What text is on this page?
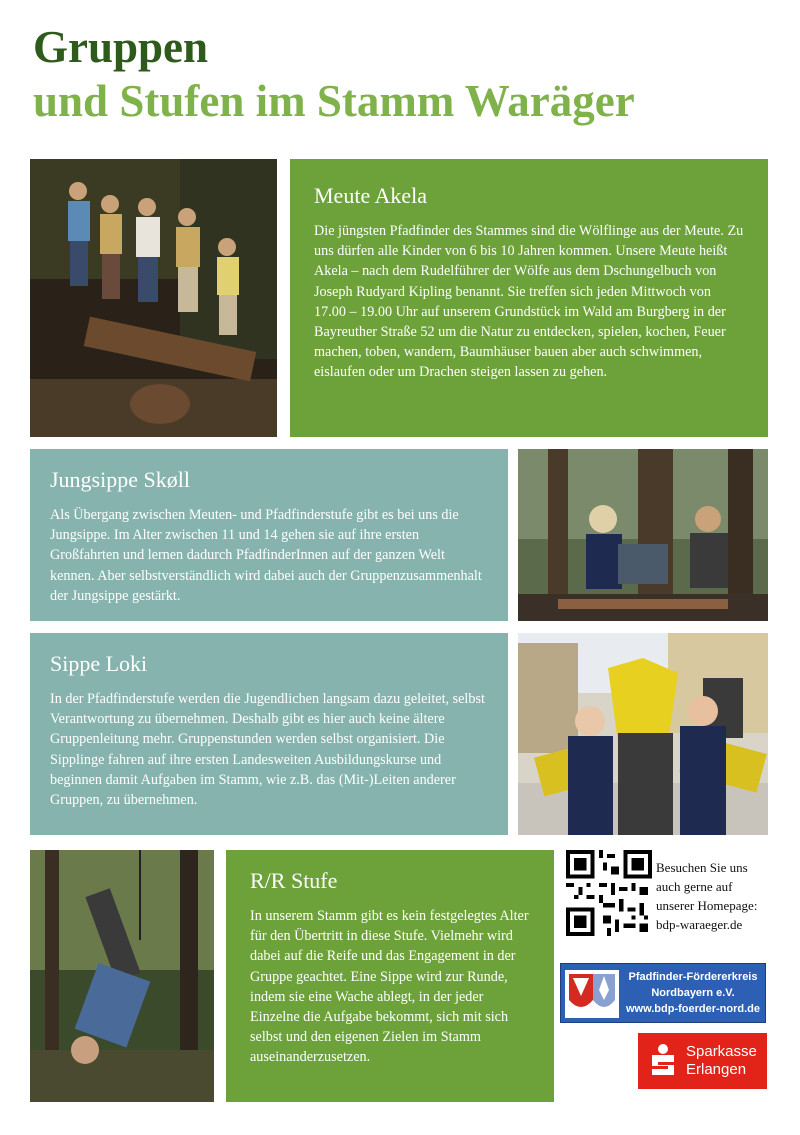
Gruppen
und Stufen im Stamm Waräger
Meute Akela

Die jüngsten Pfadfinder des Stammes sind die Wölflinge aus der Meute. Zu uns dürfen alle Kinder von 6 bis 10 Jahren kommen. Unsere Meute heißt Akela – nach dem Rudelführer der Wölfe aus dem Dschungelbuch von Joseph Rudyard Kipling benannt. Sie treffen sich jeden Mittwoch von 17.00 – 19.00 Uhr auf unserem Grundstück im Wald am Burgberg in der Bayreuther Straße 52 um die Natur zu entdecken, spielen, kochen, Feuer machen, toben, wandern, Baumhäuser bauen aber auch schwimmen, eislaufen oder um Drachen steigen lassen zu gehen.

Jungsippe Skøll

Als Übergang zwischen Meuten- und Pfadfinderstufe gibt es bei uns die Jungsippe. Im Alter zwischen 11 und 14 gehen sie auf ihre ersten Großfahrten und lernen dadurch PfadfinderInnen auf der ganzen Welt kennen. Aber selbstverständlich wird dabei auch der Gruppenzusammenhalt der Jungsippe gestärkt.

Sippe Loki

In der Pfadfinderstufe werden die Jugendlichen langsam dazu geleitet, selbst Verantwortung zu übernehmen. Deshalb gibt es hier auch keine ältere Gruppenleitung mehr. Gruppenstunden werden selbst organisiert. Die Sipplinge fahren auf ihre ersten Landesweiten Ausbildungskurse und beginnen damit Aufgaben im Stamm, wie z.B. das (Mit-)Leiten anderer Gruppen, zu übernehmen.

R/R Stufe

In unserem Stamm gibt es kein festgelegtes Alter für den Übertritt in diese Stufe. Vielmehr wird dabei auf die Reife und das Engagement in der Gruppe geachtet. Eine Sippe wird zur Runde, indem sie eine Wache ablegt, in der jeder Einzelne die Aufgabe bekommt, sich mit sich selbst und den eigenen Zielen im Stamm auseinanderzusetzen.

Besuchen Sie uns
auch gerne auf
unserer Homepage:
bdp-waraeger.de
Pfadfinder-Fördererkreis
Nordbayern e.V.
www.bdp-foerder-nord.de
Sparkasse
Erlangen
